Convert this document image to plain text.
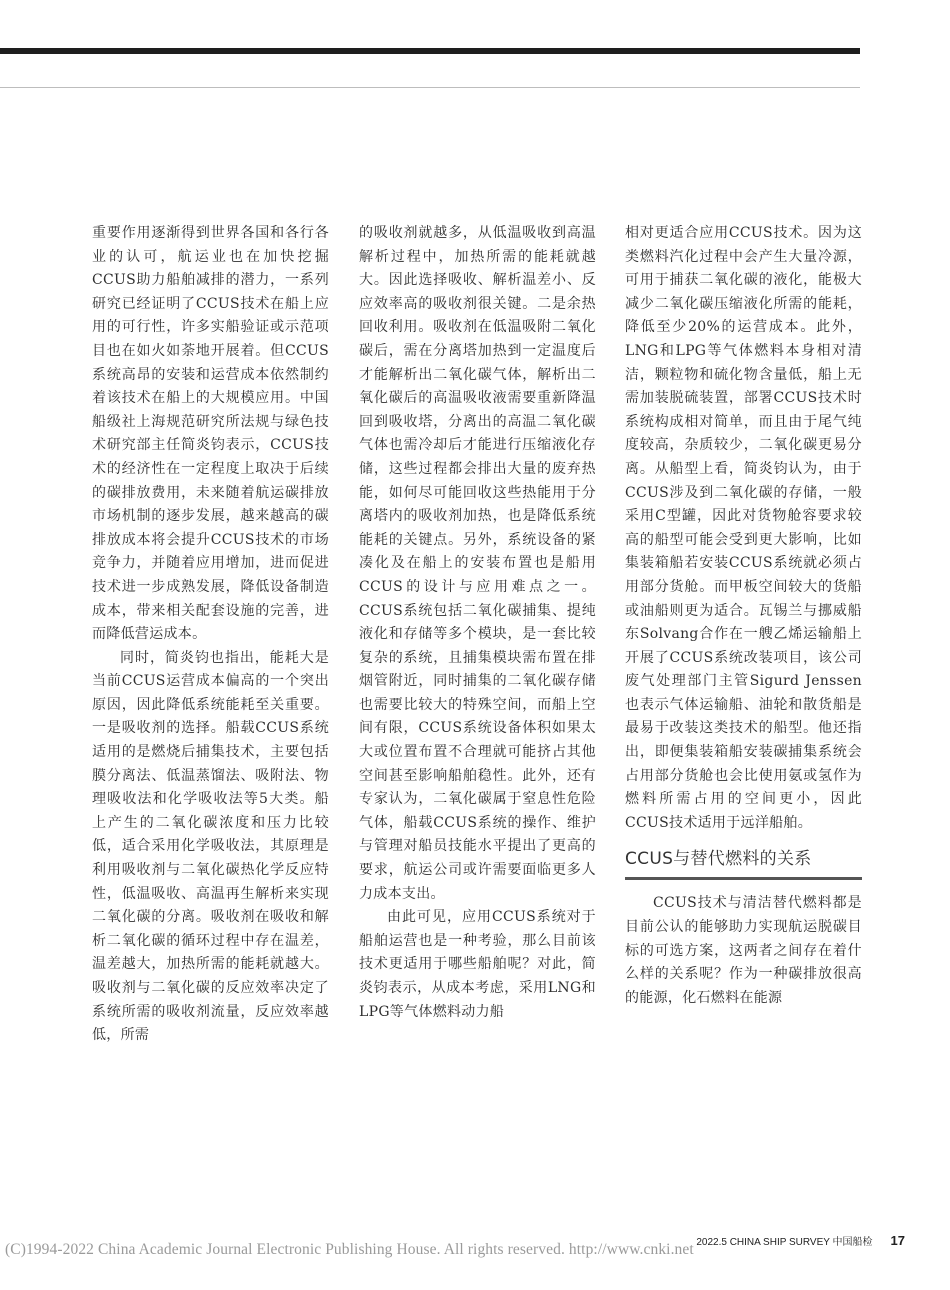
重要作用逐渐得到世界各国和各行各业的认可，航运业也在加快挖掘CCUS助力船舶减排的潜力，一系列研究已经证明了CCUS技术在船上应用的可行性，许多实船验证或示范项目也在如火如荼地开展着。但CCUS系统高昂的安装和运营成本依然制约着该技术在船上的大规模应用。中国船级社上海规范研究所法规与绿色技术研究部主任简炎钧表示，CCUS技术的经济性在一定程度上取决于后续的碳排放费用，未来随着航运碳排放市场机制的逐步发展，越来越高的碳排放成本将会提升CCUS技术的市场竞争力，并随着应用增加，进而促进技术进一步成熟发展，降低设备制造成本，带来相关配套设施的完善，进而降低营运成本。

同时，简炎钧也指出，能耗大是当前CCUS运营成本偏高的一个突出原因，因此降低系统能耗至关重要。一是吸收剂的选择。船载CCUS系统适用的是燃烧后捕集技术，主要包括膜分离法、低温蒸馏法、吸附法、物理吸收法和化学吸收法等5大类。船上产生的二氧化碳浓度和压力比较低，适合采用化学吸收法，其原理是利用吸收剂与二氧化碳热化学反应特性，低温吸收、高温再生解析来实现二氧化碳的分离。吸收剂在吸收和解析二氧化碳的循环过程中存在温差，温差越大，加热所需的能耗就越大。吸收剂与二氧化碳的反应效率决定了系统所需的吸收剂流量，反应效率越低，所需

的吸收剂就越多，从低温吸收到高温解析过程中，加热所需的能耗就越大。因此选择吸收、解析温差小、反应效率高的吸收剂很关键。二是余热回收利用。吸收剂在低温吸附二氧化碳后，需在分离塔加热到一定温度后才能解析出二氧化碳气体，解析出二氧化碳后的高温吸收液需要重新降温回到吸收塔，分离出的高温二氧化碳气体也需冷却后才能进行压缩液化存储，这些过程都会排出大量的废弃热能，如何尽可能回收这些热能用于分离塔内的吸收剂加热，也是降低系统能耗的关键点。另外，系统设备的紧凑化及在船上的安装布置也是船用CCUS的设计与应用难点之一。CCUS系统包括二氧化碳捕集、提纯液化和存储等多个模块，是一套比较复杂的系统，且捕集模块需布置在排烟管附近，同时捕集的二氧化碳存储也需要比较大的特殊空间，而船上空间有限，CCUS系统设备体积如果太大或位置布置不合理就可能挤占其他空间甚至影响船舶稳性。此外，还有专家认为，二氧化碳属于窒息性危险气体，船载CCUS系统的操作、维护与管理对船员技能水平提出了更高的要求，航运公司或许需要面临更多人力成本支出。

由此可见，应用CCUS系统对于船舶运营也是一种考验，那么目前该技术更适用于哪些船舶呢？对此，简炎钧表示，从成本考虑，采用LNG和LPG等气体燃料动力船

相对更适合应用CCUS技术。因为这类燃料汽化过程中会产生大量冷源，可用于捕获二氧化碳的液化，能极大减少二氧化碳压缩液化所需的能耗，降低至少20%的运营成本。此外，LNG和LPG等气体燃料本身相对清洁，颗粒物和硫化物含量低，船上无需加装脱硫装置，部署CCUS技术时系统构成相对简单，而且由于尾气纯度较高，杂质较少，二氧化碳更易分离。从船型上看，简炎钧认为，由于CCUS涉及到二氧化碳的存储，一般采用C型罐，因此对货物舱容要求较高的船型可能会受到更大影响，比如集装箱船若安装CCUS系统就必须占用部分货舱。而甲板空间较大的货船或油船则更为适合。瓦锡兰与挪威船东Solvang合作在一艘乙烯运输船上开展了CCUS系统改装项目，该公司废气处理部门主管Sigurd Jenssen也表示气体运输船、油轮和散货船是最易于改装这类技术的船型。他还指出，即便集装箱船安装碳捕集系统会占用部分货舱也会比使用氨或氢作为燃料所需占用的空间更小，因此CCUS技术适用于远洋船舶。

CCUS与替代燃料的关系

CCUS技术与清洁替代燃料都是目前公认的能够助力实现航运脱碳目标的可选方案，这两者之间存在着什么样的关系呢？作为一种碳排放很高的能源，化石燃料在能源

2022.5 CHINA SHIP SURVEY 中国船检 17
(C)1994-2022 China Academic Journal Electronic Publishing House. All rights reserved. http://www.cnki.net
